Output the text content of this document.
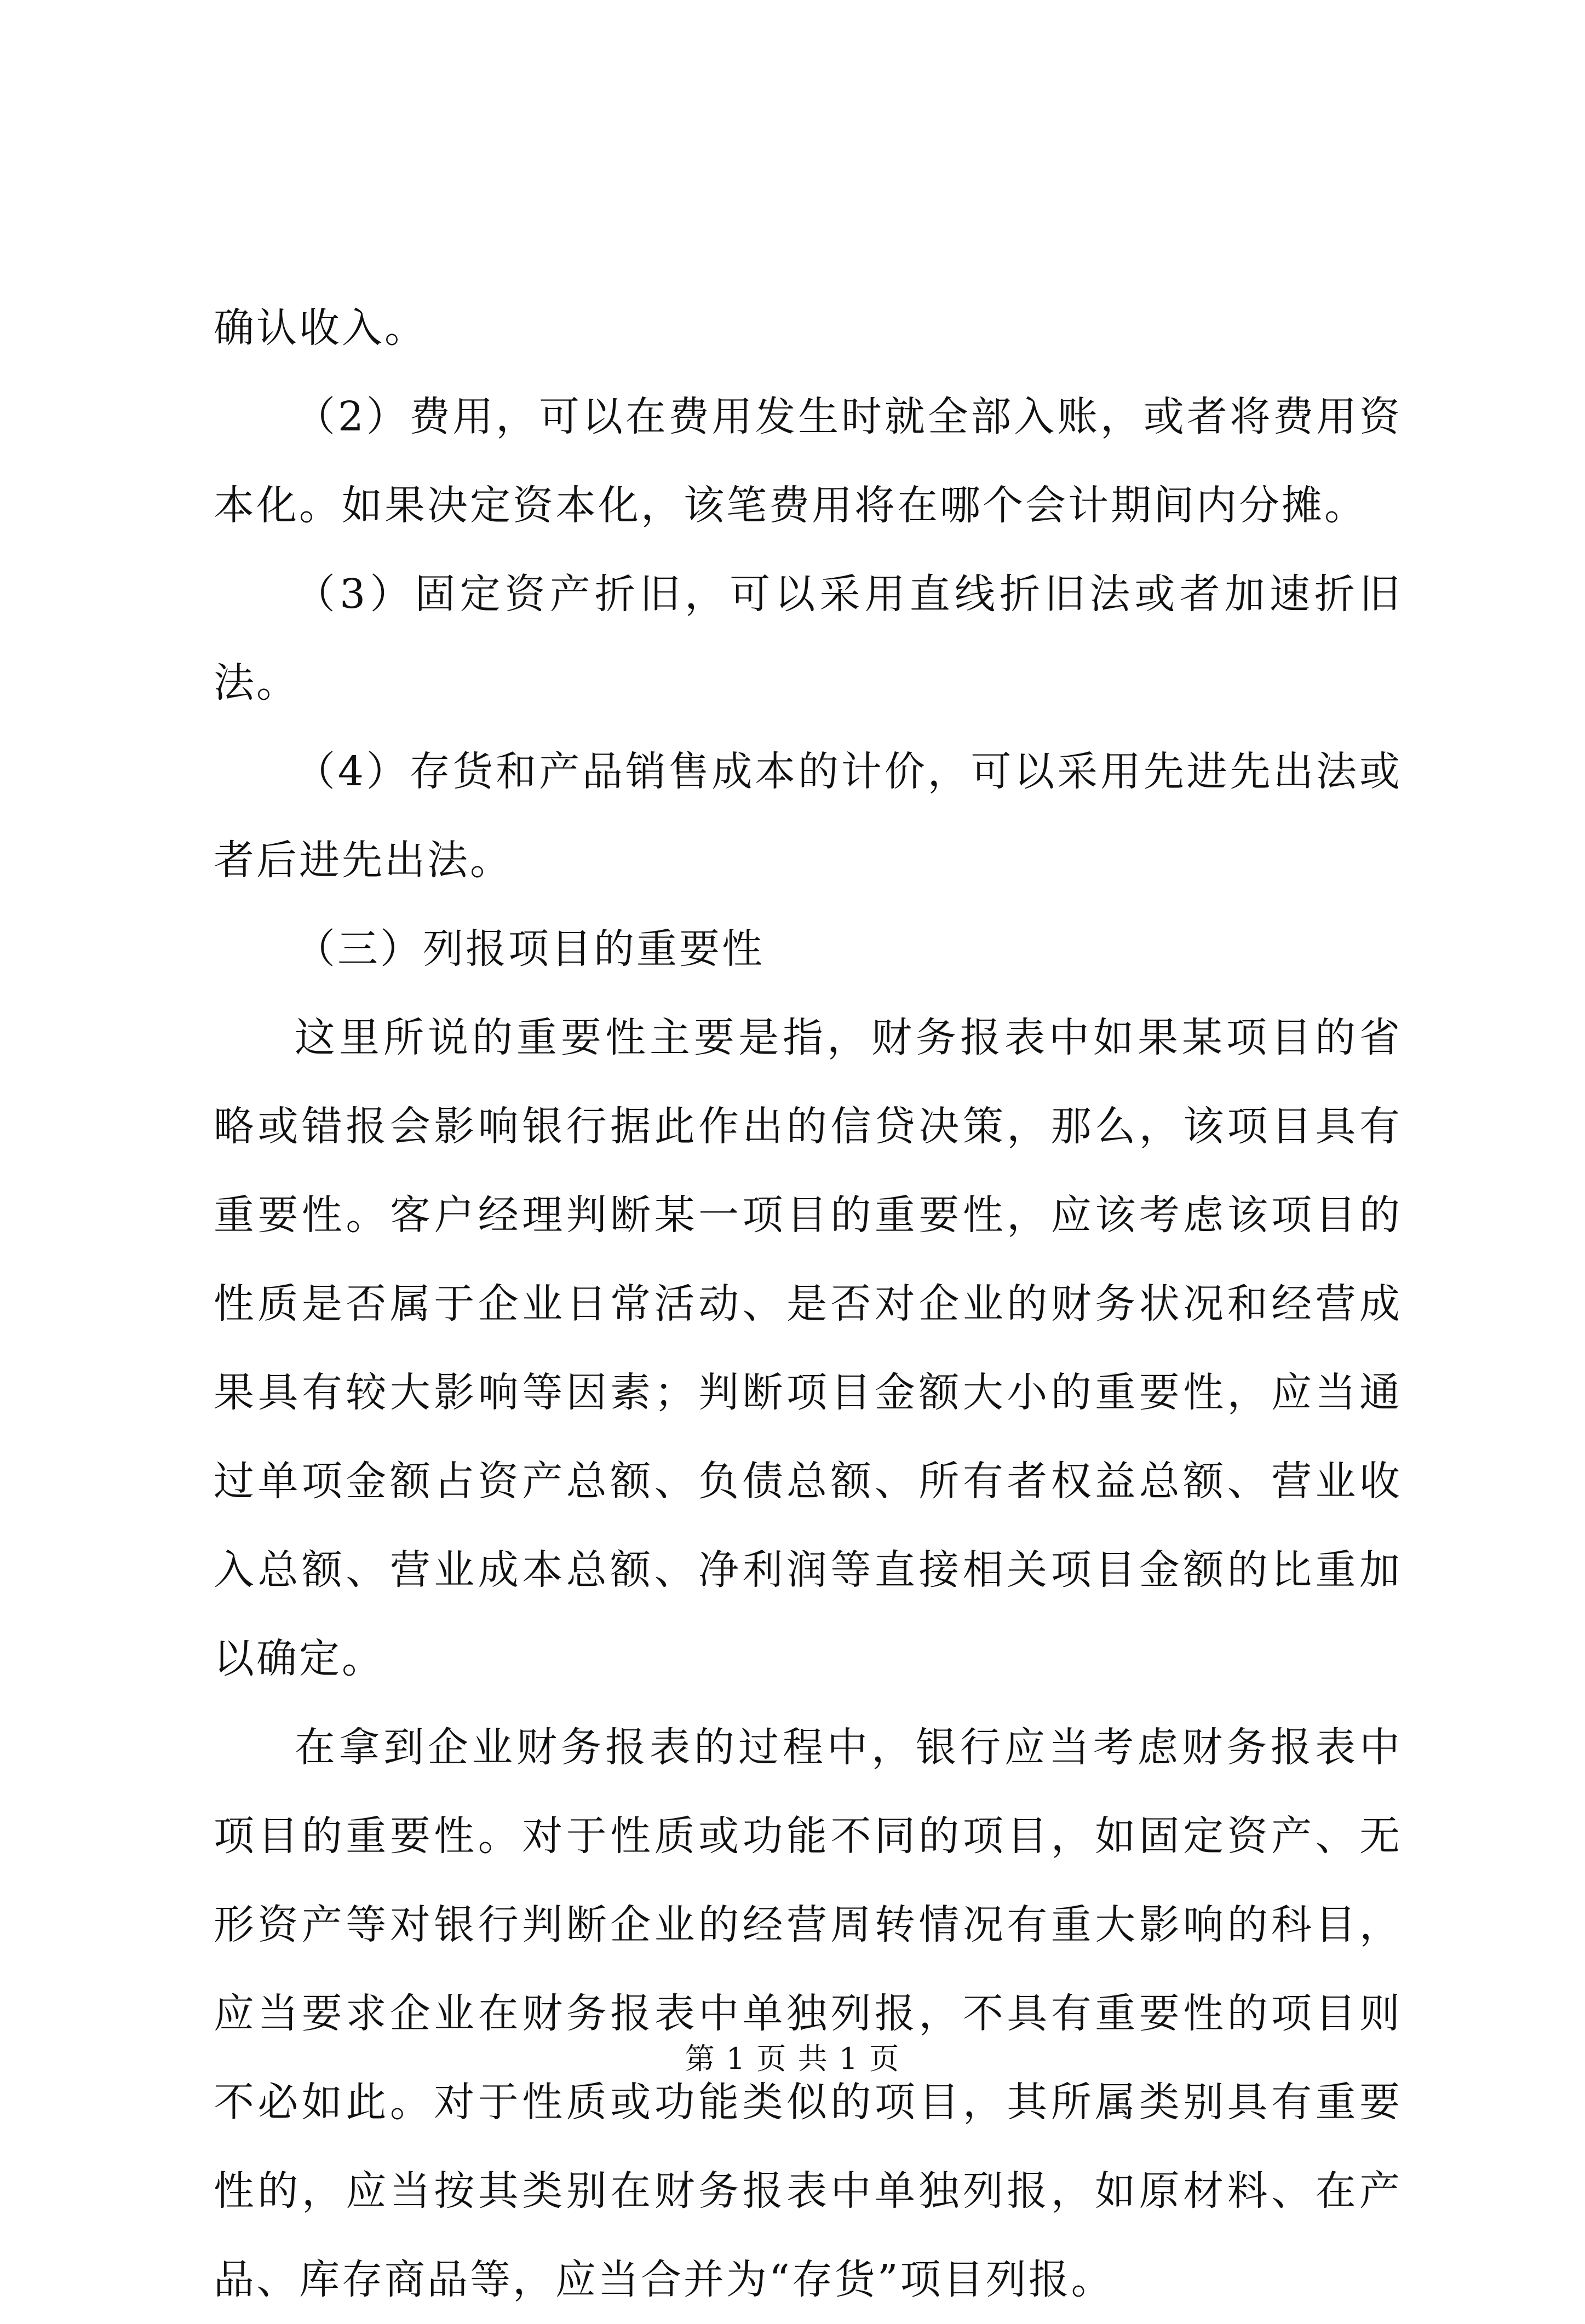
确认收入。

（2）费用，可以在费用发生时就全部入账，或者将费用资本化。如果决定资本化，该笔费用将在哪个会计期间内分摊。

（3）固定资产折旧，可以采用直线折旧法或者加速折旧法。

（4）存货和产品销售成本的计价，可以采用先进先出法或者后进先出法。

（三）列报项目的重要性

这里所说的重要性主要是指，财务报表中如果某项目的省略或错报会影响银行据此作出的信贷决策，那么，该项目具有重要性。客户经理判断某一项目的重要性，应该考虑该项目的性质是否属于企业日常活动、是否对企业的财务状况和经营成果具有较大影响等因素；判断项目金额大小的重要性，应当通过单项金额占资产总额、负债总额、所有者权益总额、营业收入总额、营业成本总额、净利润等直接相关项目金额的比重加以确定。

在拿到企业财务报表的过程中，银行应当考虑财务报表中项目的重要性。对于性质或功能不同的项目，如固定资产、无形资产等对银行判断企业的经营周转情况有重大影响的科目，应当要求企业在财务报表中单独列报，不具有重要性的项目则不必如此。对于性质或功能类似的项目，其所属类别具有重要性的，应当按其类别在财务报表中单独列报，如原材料、在产品、库存商品等，应当合并为“存货”项目列报。

第 1 页 共 1 页
